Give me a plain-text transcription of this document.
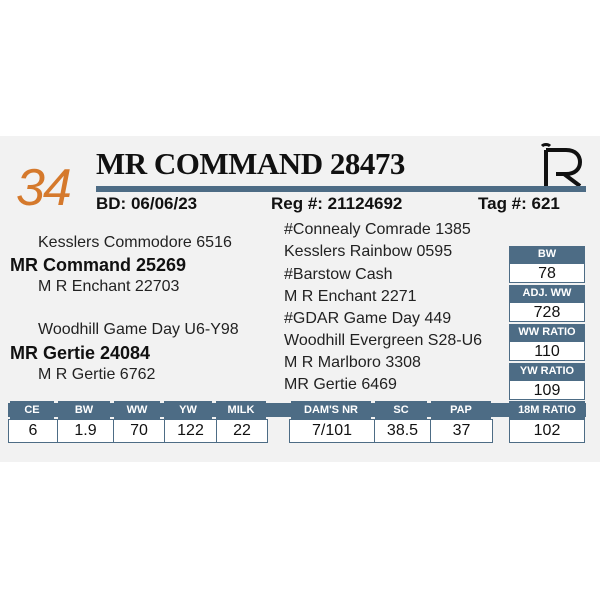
34 MR COMMAND 28473
BD: 06/06/23	Reg #: 21124692	Tag #: 621
Kesslers Commodore 6516
MR Command 25269
M R Enchant 22703
Woodhill Game Day U6-Y98
MR Gertie 24084
M R Gertie 6762
#Connealy Comrade 1385
Kesslers Rainbow 0595
#Barstow Cash
M R Enchant 2271
#GDAR Game Day 449
Woodhill Evergreen S28-U6
M R Marlboro 3308
MR Gertie 6469
BW
78
ADJ. WW
728
WW RATIO
110
YW RATIO
109
CE	BW	WW	YW	MILK	DAM'S NR	SC	PAP	18M RATIO
6	1.9	70	122	22	7/101	38.5	37	102
